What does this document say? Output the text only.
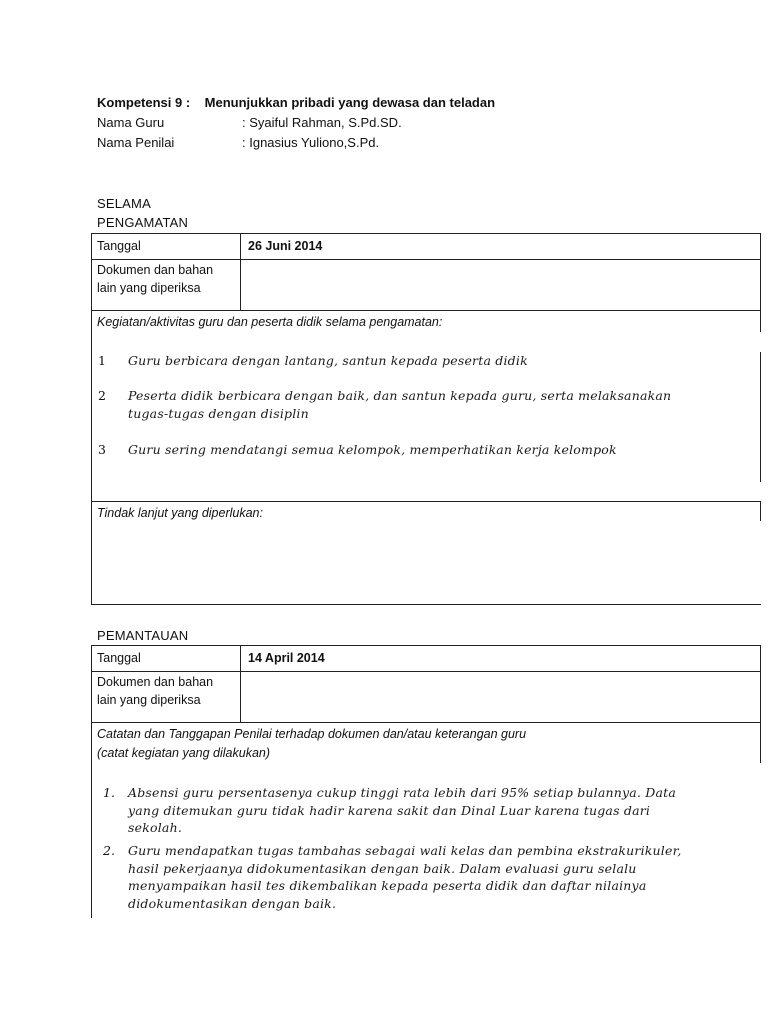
Kompetensi 9 : Menunjukkan pribadi yang dewasa dan teladan
Nama Guru	: Syaiful Rahman, S.Pd.SD.
Nama Penilai	: Ignasius Yuliono,S.Pd.
SELAMA
PENGAMATAN
Tanggal	26 Juni 2014
Dokumen dan bahan
lain yang diperiksa
Kegiatan/aktivitas guru dan peserta didik selama pengamatan:
1 Guru berbicara dengan lantang, santun kepada peserta didik
2 Peserta didik berbicara dengan baik, dan santun kepada guru, serta melaksanakan
tugas-tugas dengan disiplin
3 Guru sering mendatangi semua kelompok, memperhatikan kerja kelompok
Tindak lanjut yang diperlukan:
PEMANTAUAN
Tanggal	14 April 2014
Dokumen dan bahan
lain yang diperiksa
Catatan dan Tanggapan Penilai terhadap dokumen dan/atau keterangan guru
(catat kegiatan yang dilakukan)
1. Absensi guru persentasenya cukup tinggi rata lebih dari 95% setiap bulannya. Data
yang ditemukan guru tidak hadir karena sakit dan Dinal Luar karena tugas dari
sekolah.
2. Guru mendapatkan tugas tambahas sebagai wali kelas dan pembina ekstrakurikuler,
hasil pekerjaanya didokumentasikan dengan baik. Dalam evaluasi guru selalu
menyampaikan hasil tes dikembalikan kepada peserta didik dan daftar nilainya
didokumentasikan dengan baik.
